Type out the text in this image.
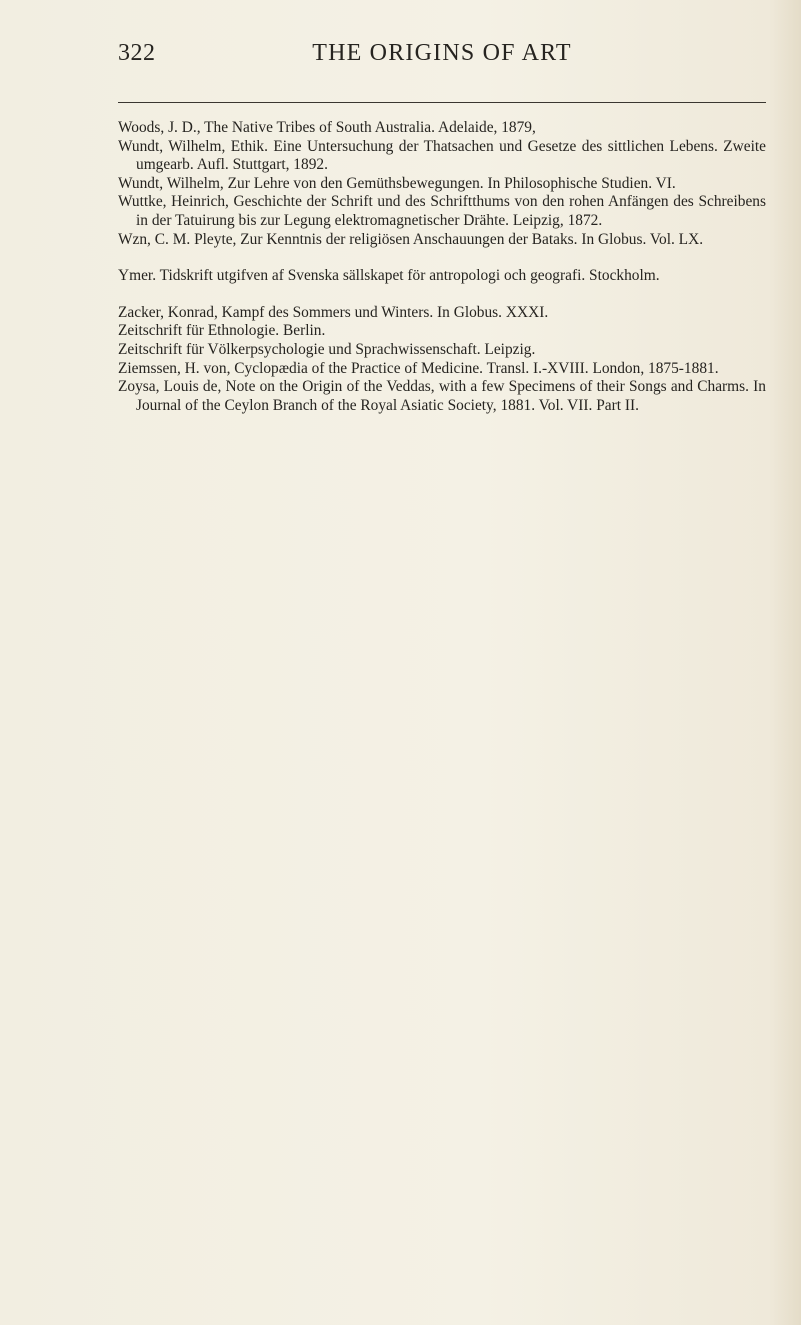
322	THE ORIGINS OF ART

Woods, J. D., The Native Tribes of South Australia. Adelaide, 1879,

Wundt, Wilhelm, Ethik. Eine Untersuchung der Thatsachen und Gesetze des sittlichen Lebens. Zweite umgearb. Aufl. Stuttgart, 1892.

Wundt, Wilhelm, Zur Lehre von den Gemüthsbewegungen. In Philosophische Studien. VI.

Wuttke, Heinrich, Geschichte der Schrift und des Schriftthums von den rohen Anfängen des Schreibens in der Tatuirung bis zur Legung elektromagnetischer Drähte. Leipzig, 1872.

Wzn, C. M. Pleyte, Zur Kenntnis der religiösen Anschauungen der Bataks. In Globus. Vol. LX.

Ymer. Tidskrift utgifven af Svenska sällskapet för antropologi och geografi. Stockholm.

Zacker, Konrad, Kampf des Sommers und Winters. In Globus. XXXI.

Zeitschrift für Ethnologie. Berlin.

Zeitschrift für Völkerpsychologie und Sprachwissenschaft. Leipzig.

Ziemssen, H. von, Cyclopædia of the Practice of Medicine. Transl. I.-XVIII. London, 1875-1881.

Zoysa, Louis de, Note on the Origin of the Veddas, with a few Specimens of their Songs and Charms. In Journal of the Ceylon Branch of the Royal Asiatic Society, 1881. Vol. VII. Part II.
